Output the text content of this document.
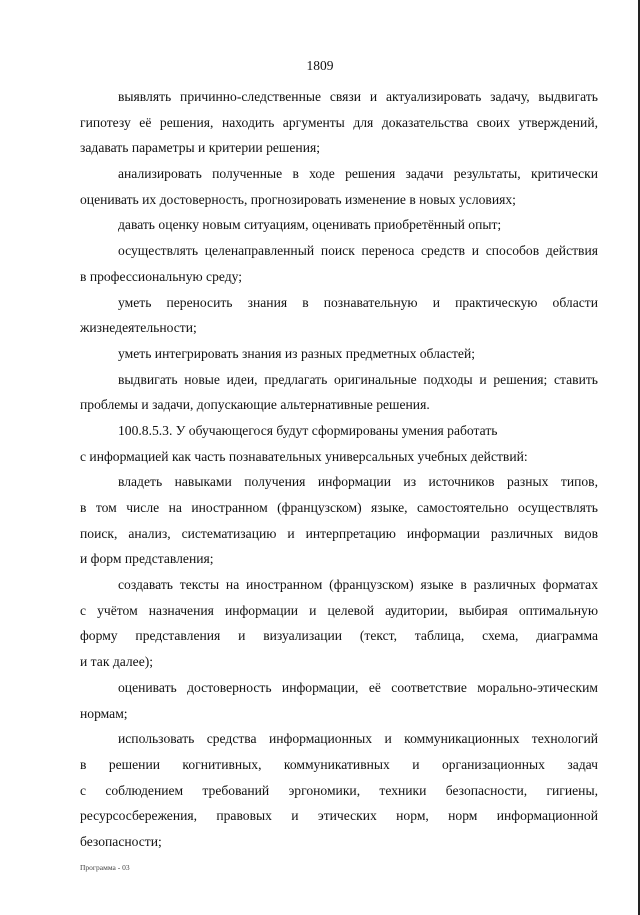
1809
выявлять причинно-следственные связи и актуализировать задачу, выдвигать
гипотезу её решения, находить аргументы для доказательства своих утверждений,
задавать параметры и критерии решения;
анализировать полученные в ходе решения задачи результаты, критически
оценивать их достоверность, прогнозировать изменение в новых условиях;
давать оценку новым ситуациям, оценивать приобретённый опыт;
осуществлять целенаправленный поиск переноса средств и способов действия
в профессиональную среду;
уметь переносить знания в познавательную и практическую области
жизнедеятельности;
уметь интегрировать знания из разных предметных областей;
выдвигать новые идеи, предлагать оригинальные подходы и решения; ставить
проблемы и задачи, допускающие альтернативные решения.
100.8.5.3. У обучающегося будут сформированы умения работать
с информацией как часть познавательных универсальных учебных действий:
владеть навыками получения информации из источников разных типов,
в том числе на иностранном (французском) языке, самостоятельно осуществлять
поиск, анализ, систематизацию и интерпретацию информации различных видов
и форм представления;
создавать тексты на иностранном (французском) языке в различных форматах
с учётом назначения информации и целевой аудитории, выбирая оптимальную
форму представления и визуализации (текст, таблица, схема, диаграмма
и так далее);
оценивать достоверность информации, её соответствие морально-этическим
нормам;
использовать средства информационных и коммуникационных технологий
в решении когнитивных, коммуникативных и организационных задач
с соблюдением требований эргономики, техники безопасности, гигиены,
ресурсосбережения, правовых и этических норм, норм информационной
безопасности;
Программа - 03
